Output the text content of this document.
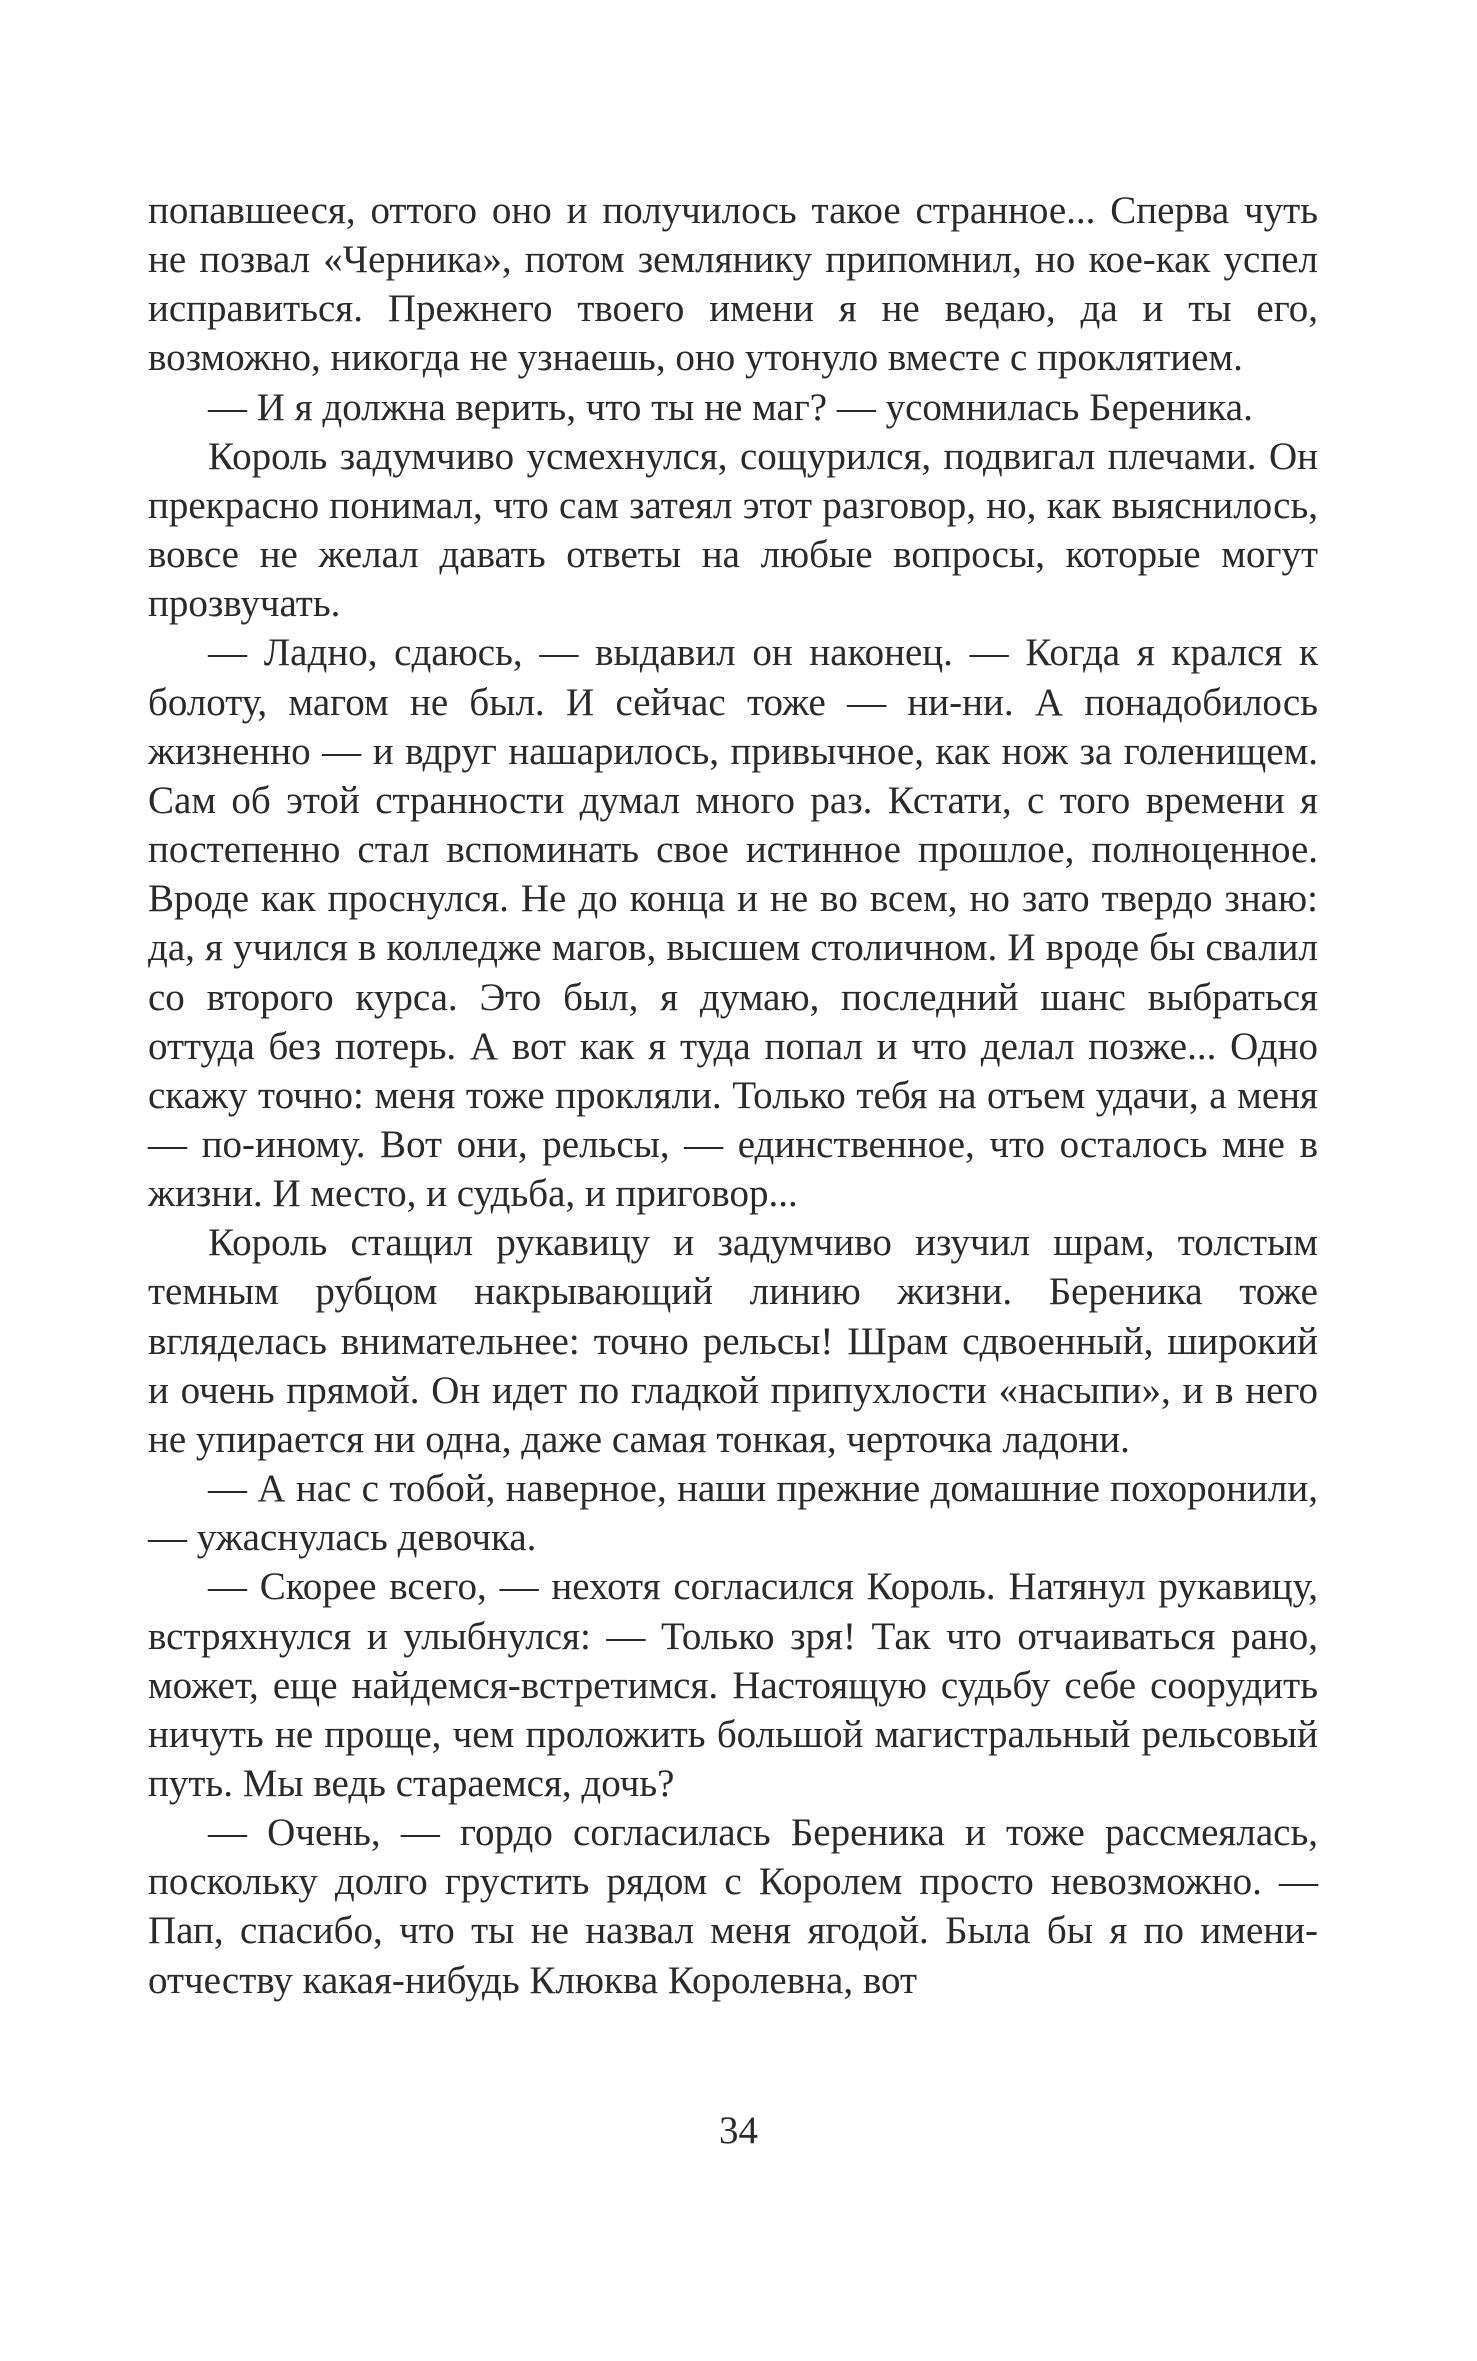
попавшееся, оттого оно и получилось такое странное... Сперва чуть не позвал «Черника», потом землянику припомнил, но кое-как успел исправиться. Прежнего твоего имени я не ведаю, да и ты его, возможно, никогда не узнаешь, оно утонуло вместе с проклятием.

— И я должна верить, что ты не маг? — усомнилась Береника.

Король задумчиво усмехнулся, сощурился, подвигал плечами. Он прекрасно понимал, что сам затеял этот разговор, но, как выяснилось, вовсе не желал давать ответы на любые вопросы, которые могут прозвучать.

— Ладно, сдаюсь, — выдавил он наконец. — Когда я крался к болоту, магом не был. И сейчас тоже — ни-ни. А понадобилось жизненно — и вдруг нашарилось, привычное, как нож за голенищем. Сам об этой странности думал много раз. Кстати, с того времени я постепенно стал вспоминать свое истинное прошлое, полноценное. Вроде как проснулся. Не до конца и не во всем, но зато твердо знаю: да, я учился в колледже магов, высшем столичном. И вроде бы свалил со второго курса. Это был, я думаю, последний шанс выбраться оттуда без потерь. А вот как я туда попал и что делал позже... Одно скажу точно: меня тоже прокляли. Только тебя на отъем удачи, а меня — по-иному. Вот они, рельсы, — единственное, что осталось мне в жизни. И место, и судьба, и приговор...

Король стащил рукавицу и задумчиво изучил шрам, толстым темным рубцом накрывающий линию жизни. Береника тоже вгляделась внимательнее: точно рельсы! Шрам сдвоенный, широкий и очень прямой. Он идет по гладкой припухлости «насыпи», и в него не упирается ни одна, даже самая тонкая, черточка ладони.

— А нас с тобой, наверное, наши прежние домашние похоронили, — ужаснулась девочка.

— Скорее всего, — нехотя согласился Король. Натянул рукавицу, встряхнулся и улыбнулся: — Только зря! Так что отчаиваться рано, может, еще найдемся-встретимся. Настоящую судьбу себе соорудить ничуть не проще, чем проложить большой магистральный рельсовый путь. Мы ведь стараемся, дочь?

— Очень, — гордо согласилась Береника и тоже рассмеялась, поскольку долго грустить рядом с Королем просто невозможно. — Пап, спасибо, что ты не назвал меня ягодой. Была бы я по имени-отчеству какая-нибудь Клюква Королевна, вот

34
